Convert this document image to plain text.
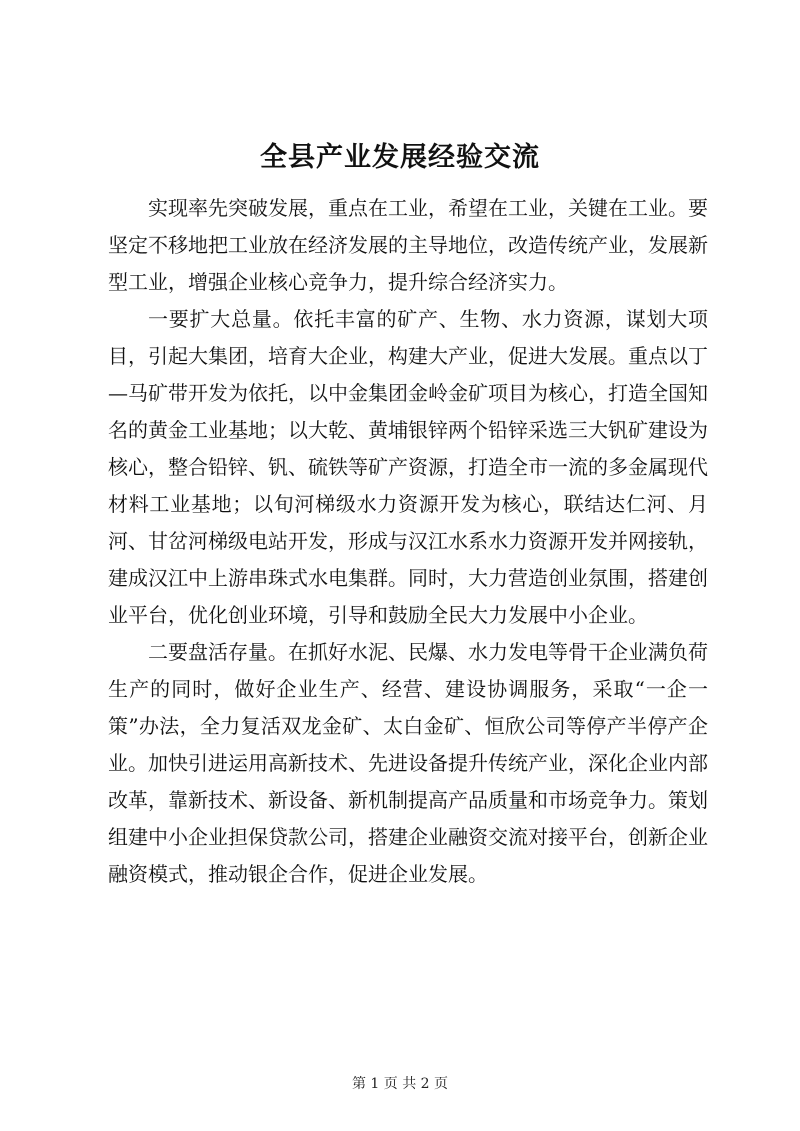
全县产业发展经验交流

实现率先突破发展，重点在工业，希望在工业，关键在工业。要坚定不移地把工业放在经济发展的主导地位，改造传统产业，发展新型工业，增强企业核心竞争力，提升综合经济实力。

一要扩大总量。依托丰富的矿产、生物、水力资源，谋划大项目，引起大集团，培育大企业，构建大产业，促进大发展。重点以丁—马矿带开发为依托，以中金集团金岭金矿项目为核心，打造全国知名的黄金工业基地；以大乾、黄埔银锌两个铅锌采选三大钒矿建设为核心，整合铅锌、钒、硫铁等矿产资源，打造全市一流的多金属现代材料工业基地；以旬河梯级水力资源开发为核心，联结达仁河、月河、甘岔河梯级电站开发，形成与汉江水系水力资源开发并网接轨，建成汉江中上游串珠式水电集群。同时，大力营造创业氛围，搭建创业平台，优化创业环境，引导和鼓励全民大力发展中小企业。

二要盘活存量。在抓好水泥、民爆、水力发电等骨干企业满负荷生产的同时，做好企业生产、经营、建设协调服务，采取“一企一策”办法，全力复活双龙金矿、太白金矿、恒欣公司等停产半停产企业。加快引进运用高新技术、先进设备提升传统产业，深化企业内部改革，靠新技术、新设备、新机制提高产品质量和市场竞争力。策划组建中小企业担保贷款公司，搭建企业融资交流对接平台，创新企业融资模式，推动银企合作，促进企业发展。

第 1 页 共 2 页
